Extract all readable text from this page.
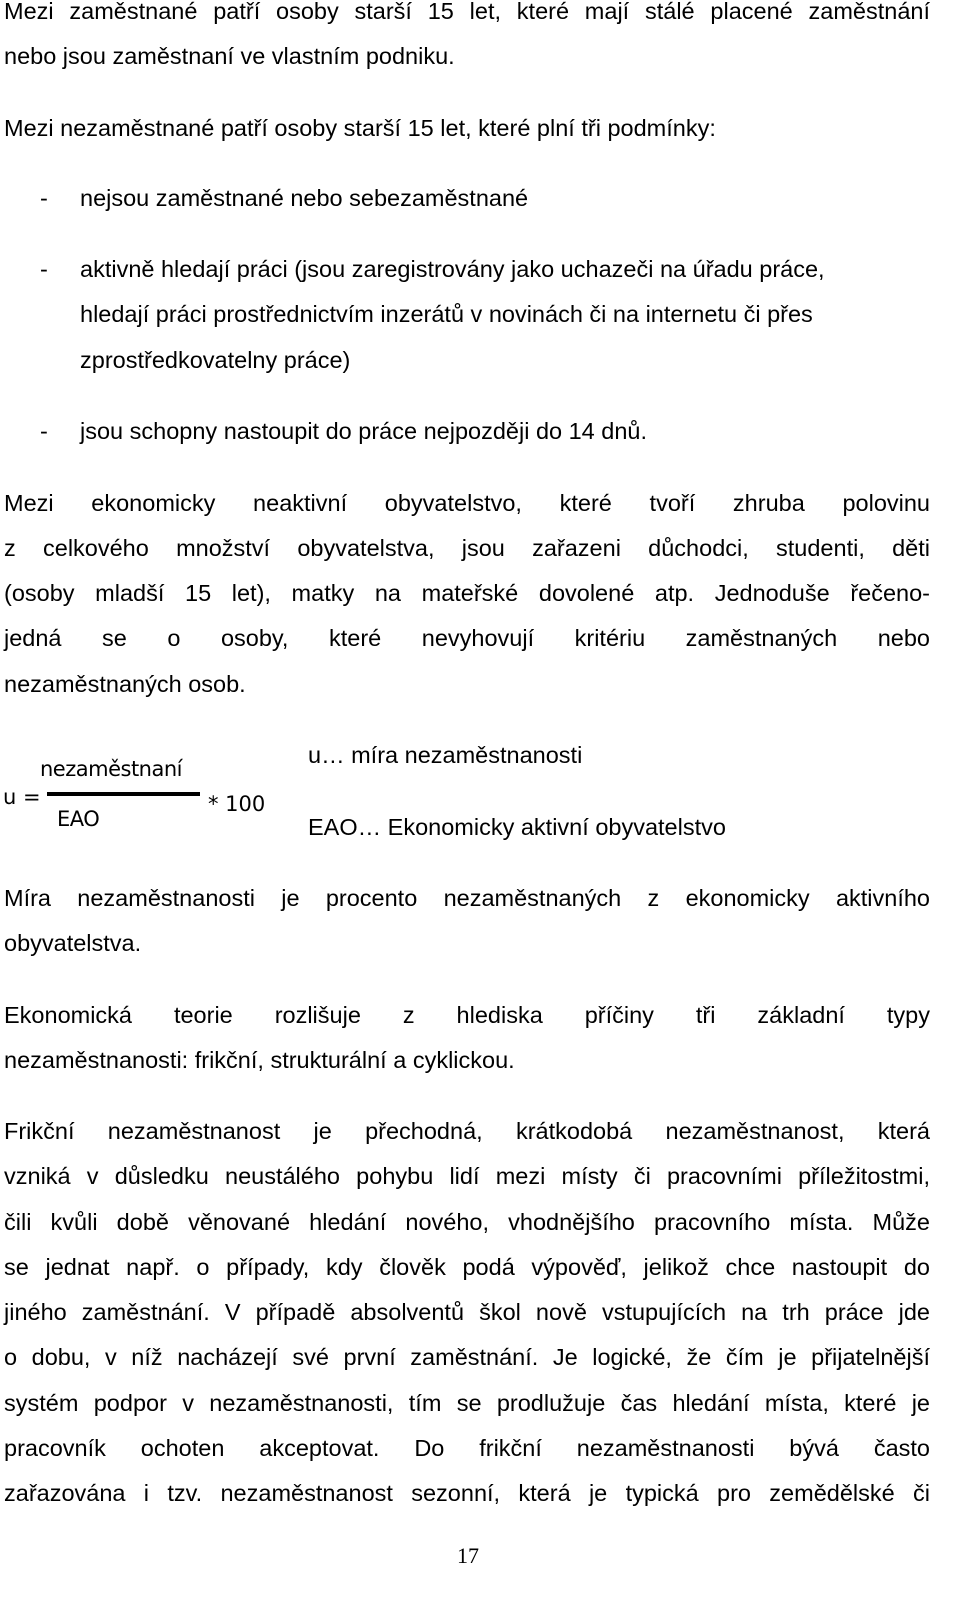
Mezi zaměstnané patří osoby starší 15 let, které mají stálé placené zaměstnání
nebo jsou zaměstnaní ve vlastním podniku.
Mezi nezaměstnané patří osoby starší 15 let, které plní tři podmínky:
- nejsou zaměstnané nebo sebezaměstnané
- aktivně hledají práci (jsou zaregistrovány jako uchazeči na úřadu práce,
hledají práci prostřednictvím inzerátů v novinách či na internetu či přes
zprostředkovatelny práce)
- jsou schopny nastoupit do práce nejpozději do 14 dnů.
Mezi ekonomicky neaktivní obyvatelstvo, které tvoří zhruba polovinu
z celkového množství obyvatelstva, jsou zařazeni důchodci, studenti, děti
(osoby mladší 15 let), matky na mateřské dovolené atp. Jednoduše řečeno-
jedná se o osoby, které nevyhovují kritériu zaměstnaných nebo
nezaměstnaných osob.
nezaměstnaní
EAO
u =	* 100
u… míra nezaměstnanosti
EAO… Ekonomicky aktivní obyvatelstvo
Míra nezaměstnanosti je procento nezaměstnaných z ekonomicky aktivního
obyvatelstva.
Ekonomická teorie rozlišuje z hlediska příčiny tři základní typy
nezaměstnanosti: frikční, strukturální a cyklickou.
Frikční nezaměstnanost je přechodná, krátkodobá nezaměstnanost, která
vzniká v důsledku neustálého pohybu lidí mezi místy či pracovními příležitostmi,
čili kvůli době věnované hledání nového, vhodnějšího pracovního místa. Může
se jednat např. o případy, kdy člověk podá výpověď, jelikož chce nastoupit do
jiného zaměstnání. V případě absolventů škol nově vstupujících na trh práce jde
o dobu, v níž nacházejí své první zaměstnání. Je logické, že čím je přijatelnější
systém podpor v nezaměstnanosti, tím se prodlužuje čas hledání místa, které je
pracovník ochoten akceptovat. Do frikční nezaměstnanosti bývá často
zařazována i tzv. nezaměstnanost sezonní, která je typická pro zemědělské či
17
